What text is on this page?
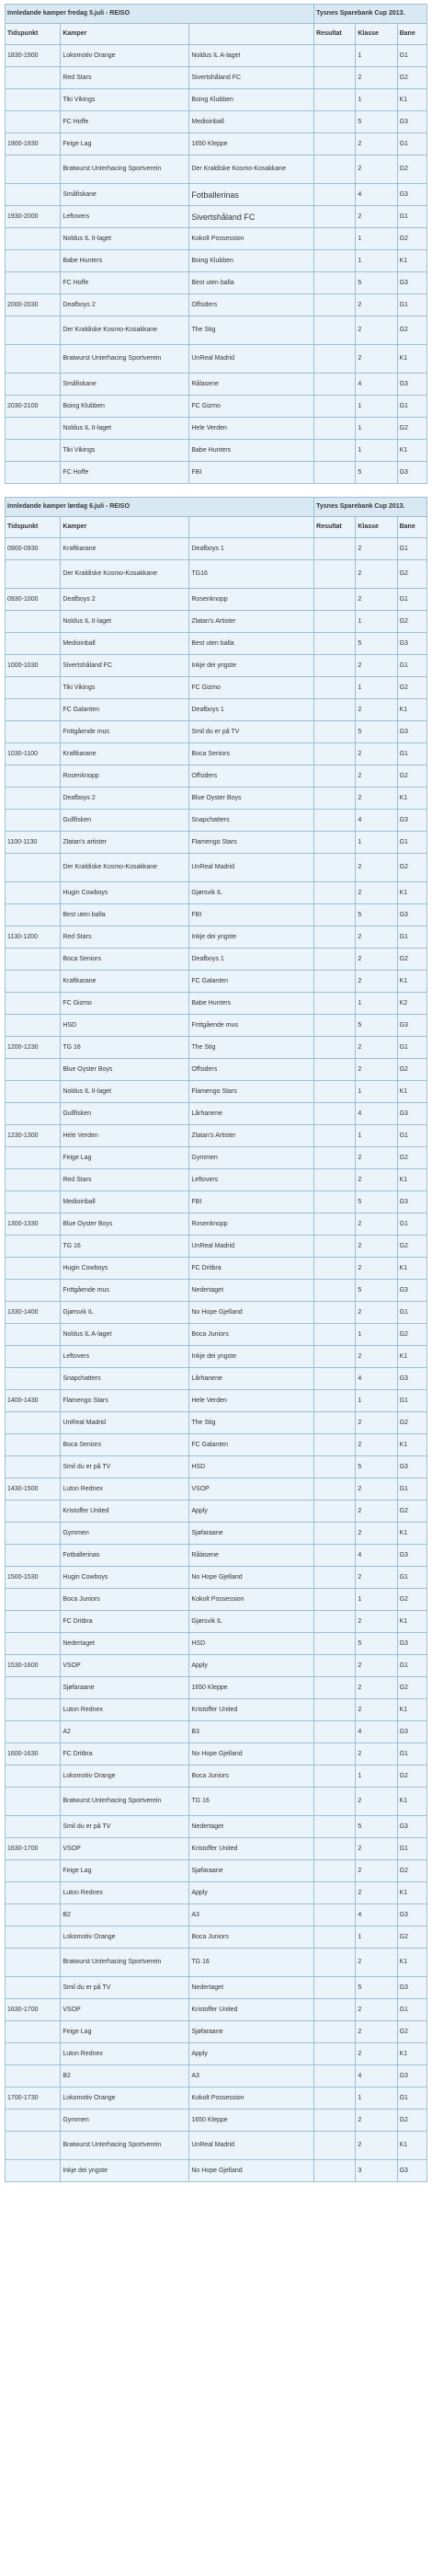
Innledande kamper fredag 5.juli - REISO			Tysnes Sparebank Cup 2013.		
Tidspunkt	Kamper		Resultat	Klasse	Bane
1830-1900	Lokomotiv Orange	Noldus IL A-laget		1	G1
	Red Stars	Sivertshåland FC		2	G2
	Tiki Vikings	Boing Klubben		1	K1
	FC Hoffe	Medioinball		5	G3
1900-1930	Feige Lag	1650 Kleppe		2	G1
	Bratwurst Unterhacing Sportverein	Der Kraldiske Kosmo-Kosakkane		2	G2
	Småfiskane	Fotballerinas		4	G3
1930-2000	Leftovers	Sivertshåland FC		2	G1
	Noldus IL II-laget	Kokolt Possession		1	G2
	Babe Hunters	Boing Klubben		1	K1
	FC Hoffe	Best uten balla		5	G3
2000-2030	Deafboys 2	Offsiders		2	G1
	Der Kraldiske Kosmo-Kosakkane	The Stig		2	G2
	Bratwurst Unterhacing Sportverein	UnReal Madrid		2	K1
	Småfiskane	Rålasene		4	G3
2030-2100	Boing Klubben	FC Gizmo		1	G1
	Noldus IL II-laget	Hele Verden		1	G2
	Tiki Vikings	Babe Hunters		1	K1
	FC Hoffe	FBI		5	G3
Innledande kamper lørdag 6.juli - REISO			Tysnes Sparebank Cup 2013.		
Tidspunkt	Kamper		Resultat	Klasse	Bane
0900-0930	Kraftkarane	Deafboys 1		2	G1
	Der Kraldiske Kosmo-Kosakkane	TG16		2	G2
0930-1000	Deafboys 2	Rosenknopp		2	G1
	Noldus IL II-laget	Zlatan's Artister		1	G2
	Medioinball	Best uten balla		5	G3
1000-1030	Sivertshåland FC	Inkje dei yngste		2	G1
	Tiki Vikings	FC Gizmo		1	G2
	FC Galanten	Deafboys 1		2	K1
	Fnttgående mus	Smil du er på TV		5	G3
1030-1100	Kraftkarane	Boca Seniors		2	G1
	Rosenknopp	Offsiders		2	G2
	Deafboys 2	Blue Oyster Boys		2	K1
	Gullfisken	Snapchatters		4	G3
1100-1130	Zlatan's artister	Flamengo Stars		1	G1
	Der Kraldiske Kosmo-Kosakkane	UnReal Madrid		2	G2
	Hugin Cowboys	Gjørsvik IL		2	K1
	Best uten balla	FBI		5	G3
1130-1200	Red Stars	Inkje dei yngste		2	G1
	Boca Seniors	Deafboys 1		2	G2
	Kraftkarane	FC Galanten		2	K1
	FC Gizmo	Babe Hunters		1	K2
	HSD	Fnttgående mus		5	G3
1200-1230	TG 16	The Stig		2	G1
	Blue Oyster Boys	Offsiders		2	G2
	Noldus IL II-laget	Flamengo Stars		1	K1
	Gullfisken	Lårhanene		4	G3
1230-1300	Hele Verden	Zlatan's Artister		1	G1
	Feige Lag	Gymmen		2	G2
	Red Stars	Leftovers		2	K1
	Medioinball	FBI		5	G3
1300-1330	Blue Oyster Boys	Rosenknopp		2	G1
	TG 16	UnReal Madrid		2	G2
	Hugin Cowboys	FC Dritbra		2	K1
	Fnttgående mus	Nedertaget		5	G3
1330-1400	Gjørsvik IL	No Hope Gjelland		2	G1
	Noldus IL A-laget	Boca Juniors		1	G2
	Leftovers	Inkje dei yngste		2	K1
	Snapchatters	Lårhanene		4	G3
1400-1430	Flamengo Stars	Hele Verden		1	G1
	UnReal Madrid	The Stig		2	G2
	Boca Seniors	FC Galanten		2	K1
	Smil du er på TV	HSD		5	G3
1430-1500	Luton Rednex	VSOP		2	G1
	Kristoffer United	Apply		2	G2
	Gymmen	Sjøfaraane		2	K1
	Fotballerinas	Rålasene		4	G3
1500-1530	Hugin Cowboys	No Hope Gjelland		2	G1
	Boca Juniors	Kokolt Possession		1	G2
	FC Dritbra	Gjørsvik IL		2	K1
	Nedertaget	HSD		5	G3
1530-1600	VSOP	Apply		2	G1
	Sjøfaraane	1650 Kleppe		2	G2
	Luton Rednex	Kristoffer United		2	K1
	A2	B3		4	G3
1600-1630	FC Dritbra	No Hope Gjelland		2	G1
	Lokomotiv Orange	Boca Juniors		1	G2
	Bratwurst Unterhacing Sportverein	TG 16		2	K1
	Smil du er på TV	Nedertaget		5	G3
1630-1700	VSOP	Kristoffer United		2	G1
	Feige Lag	Sjøfaraane		2	G2
	Luton Rednex	Apply		2	K1
	B2	A3		4	G3
	Lokomotiv Orange	Boca Juniors		1	G2
	Bratwurst Unterhacing Sportverein	TG 16		2	K1
	Smil du er på TV	Nedertaget		5	G3
1630-1700	VSOP	Kristoffer United		2	G1
	Feige Lag	Sjøfaraane		2	G2
	Luton Rednex	Apply		2	K1
	B2	A3		4	G3
1700-1730	Lokomotiv Orange	Kokolt Possession		1	G1
	Gymmen	1650 Kleppe		2	G2
	Bratwurst Unterhacing Sportverein	UnReal Madrid		2	K1
	Inkje dei yngste	No Hope Gjelland		3	G3
